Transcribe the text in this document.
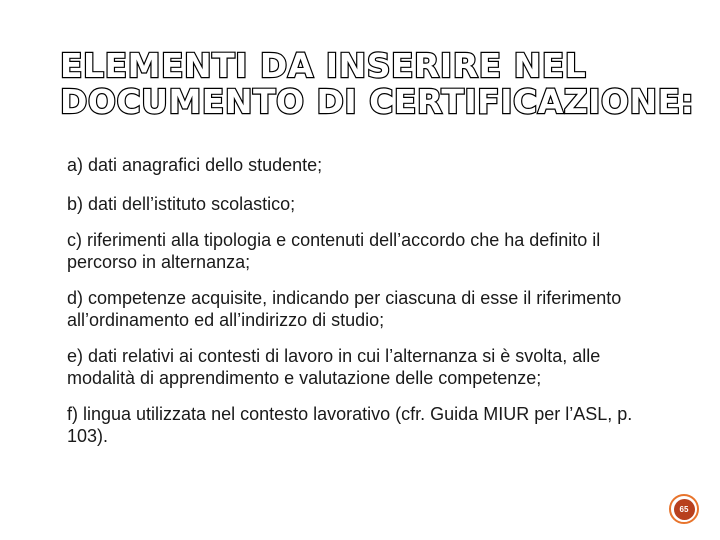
ELEMENTI DA INSERIRE NEL
DOCUMENTO DI CERTIFICAZIONE:
a) dati anagrafici dello studente;
b) dati dell’istituto scolastico;
c) riferimenti alla tipologia e contenuti dell’accordo che ha definito il percorso in alternanza;
d) competenze acquisite, indicando per ciascuna di esse il riferimento all’ordinamento ed all’indirizzo di studio;
e) dati relativi ai contesti di lavoro in cui l’alternanza si è svolta, alle modalità di apprendimento e valutazione delle competenze;
f) lingua utilizzata nel contesto lavorativo (cfr. Guida MIUR per l’ASL, p. 103).
65
